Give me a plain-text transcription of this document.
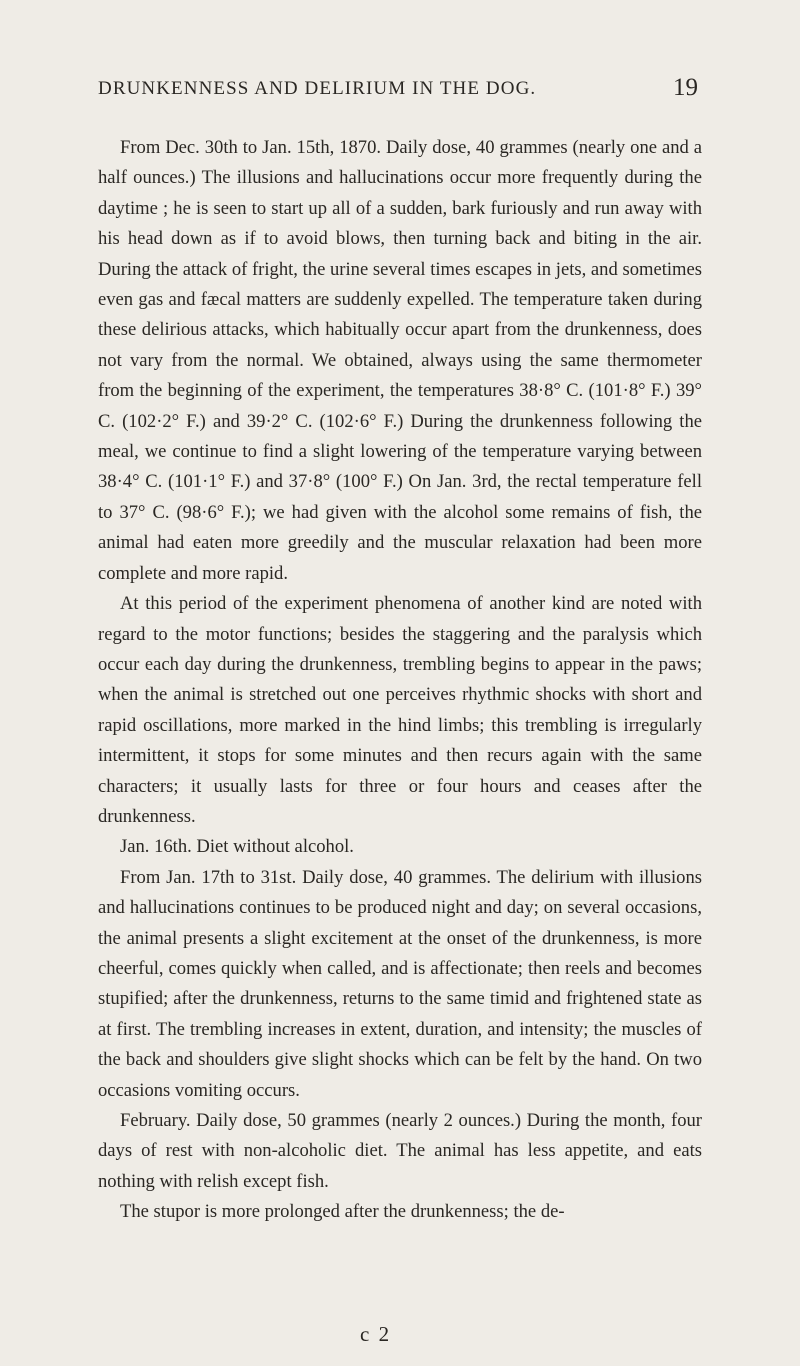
DRUNKENNESS AND DELIRIUM IN THE DOG.	19

From Dec. 30th to Jan. 15th, 1870. Daily dose, 40 grammes (nearly one and a half ounces.) The illusions and hallucinations occur more frequently during the daytime ; he is seen to start up all of a sudden, bark furiously and run away with his head down as if to avoid blows, then turning back and biting in the air. During the attack of fright, the urine several times escapes in jets, and sometimes even gas and fæcal matters are suddenly expelled. The temperature taken during these delirious attacks, which habitually occur apart from the drunkenness, does not vary from the normal. We obtained, always using the same thermometer from the beginning of the experiment, the temperatures 38·8° C. (101·8° F.) 39° C. (102·2° F.) and 39·2° C. (102·6° F.) During the drunkenness following the meal, we continue to find a slight lowering of the temperature varying between 38·4° C. (101·1° F.) and 37·8° (100° F.) On Jan. 3rd, the rectal temperature fell to 37° C. (98·6° F.); we had given with the alcohol some remains of fish, the animal had eaten more greedily and the muscular relaxation had been more complete and more rapid.

At this period of the experiment phenomena of another kind are noted with regard to the motor functions; besides the staggering and the paralysis which occur each day during the drunkenness, trembling begins to appear in the paws; when the animal is stretched out one perceives rhythmic shocks with short and rapid oscillations, more marked in the hind limbs; this trembling is irregularly intermittent, it stops for some minutes and then recurs again with the same characters; it usually lasts for three or four hours and ceases after the drunkenness.

Jan. 16th. Diet without alcohol.

From Jan. 17th to 31st. Daily dose, 40 grammes. The delirium with illusions and hallucinations continues to be produced night and day; on several occasions, the animal presents a slight excitement at the onset of the drunkenness, is more cheerful, comes quickly when called, and is affectionate; then reels and becomes stupified; after the drunkenness, returns to the same timid and frightened state as at first. The trembling increases in extent, duration, and intensity; the muscles of the back and shoulders give slight shocks which can be felt by the hand. On two occasions vomiting occurs.

February. Daily dose, 50 grammes (nearly 2 ounces.) During the month, four days of rest with non-alcoholic diet. The animal has less appetite, and eats nothing with relish except fish.

The stupor is more prolonged after the drunkenness; the de-

c 2
